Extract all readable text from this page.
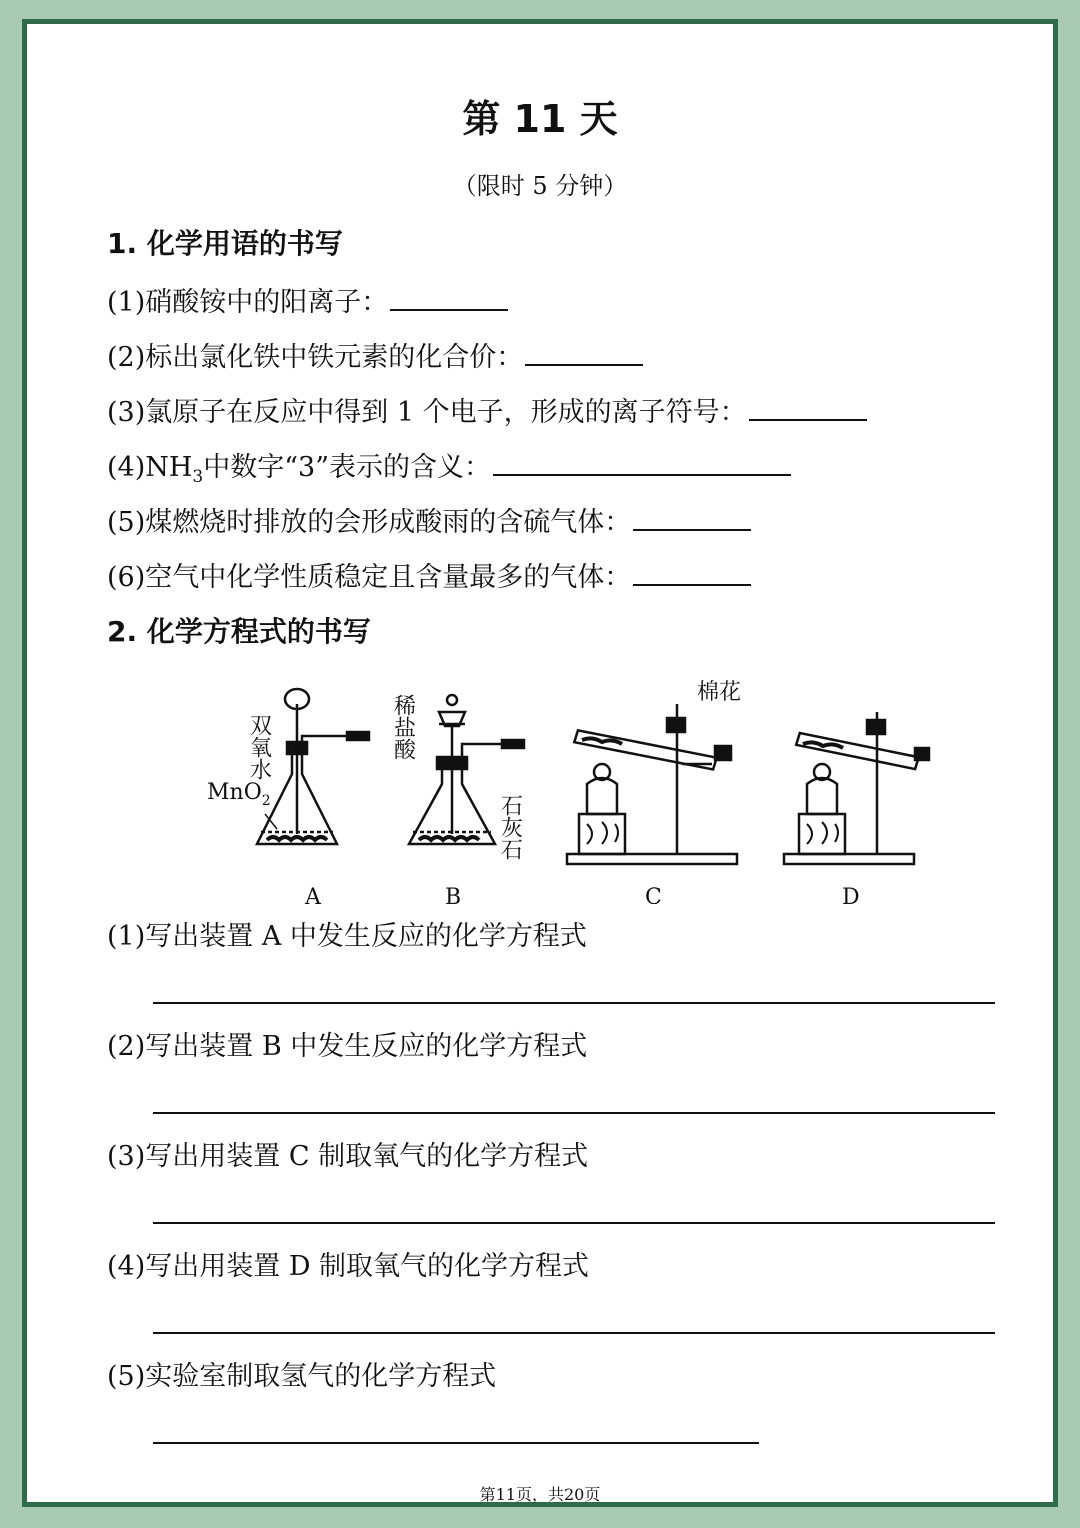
第 11 天
（限时 5 分钟）
1. 化学用语的书写
(1)硝酸铵中的阳离子：
(2)标出氯化铁中铁元素的化合价：
(3)氯原子在反应中得到 1 个电子，形成的离子符号：
$(4)NH_3$中数字“3”表示的含义：
(5)煤燃烧时排放的会形成酸雨的含硫气体：
(6)空气中化学性质稳定且含量最多的气体：
2. 化学方程式的书写
双氧水
MnO$_2$
A
稀盐酸
石灰石
B
棉花
C	D
(1)写出装置 A 中发生反应的化学方程式
(2)写出装置 B 中发生反应的化学方程式
(3)写出用装置 C 制取氧气的化学方程式
(4)写出用装置 D 制取氧气的化学方程式
(5)实验室制取氢气的化学方程式
第11页，共20页
